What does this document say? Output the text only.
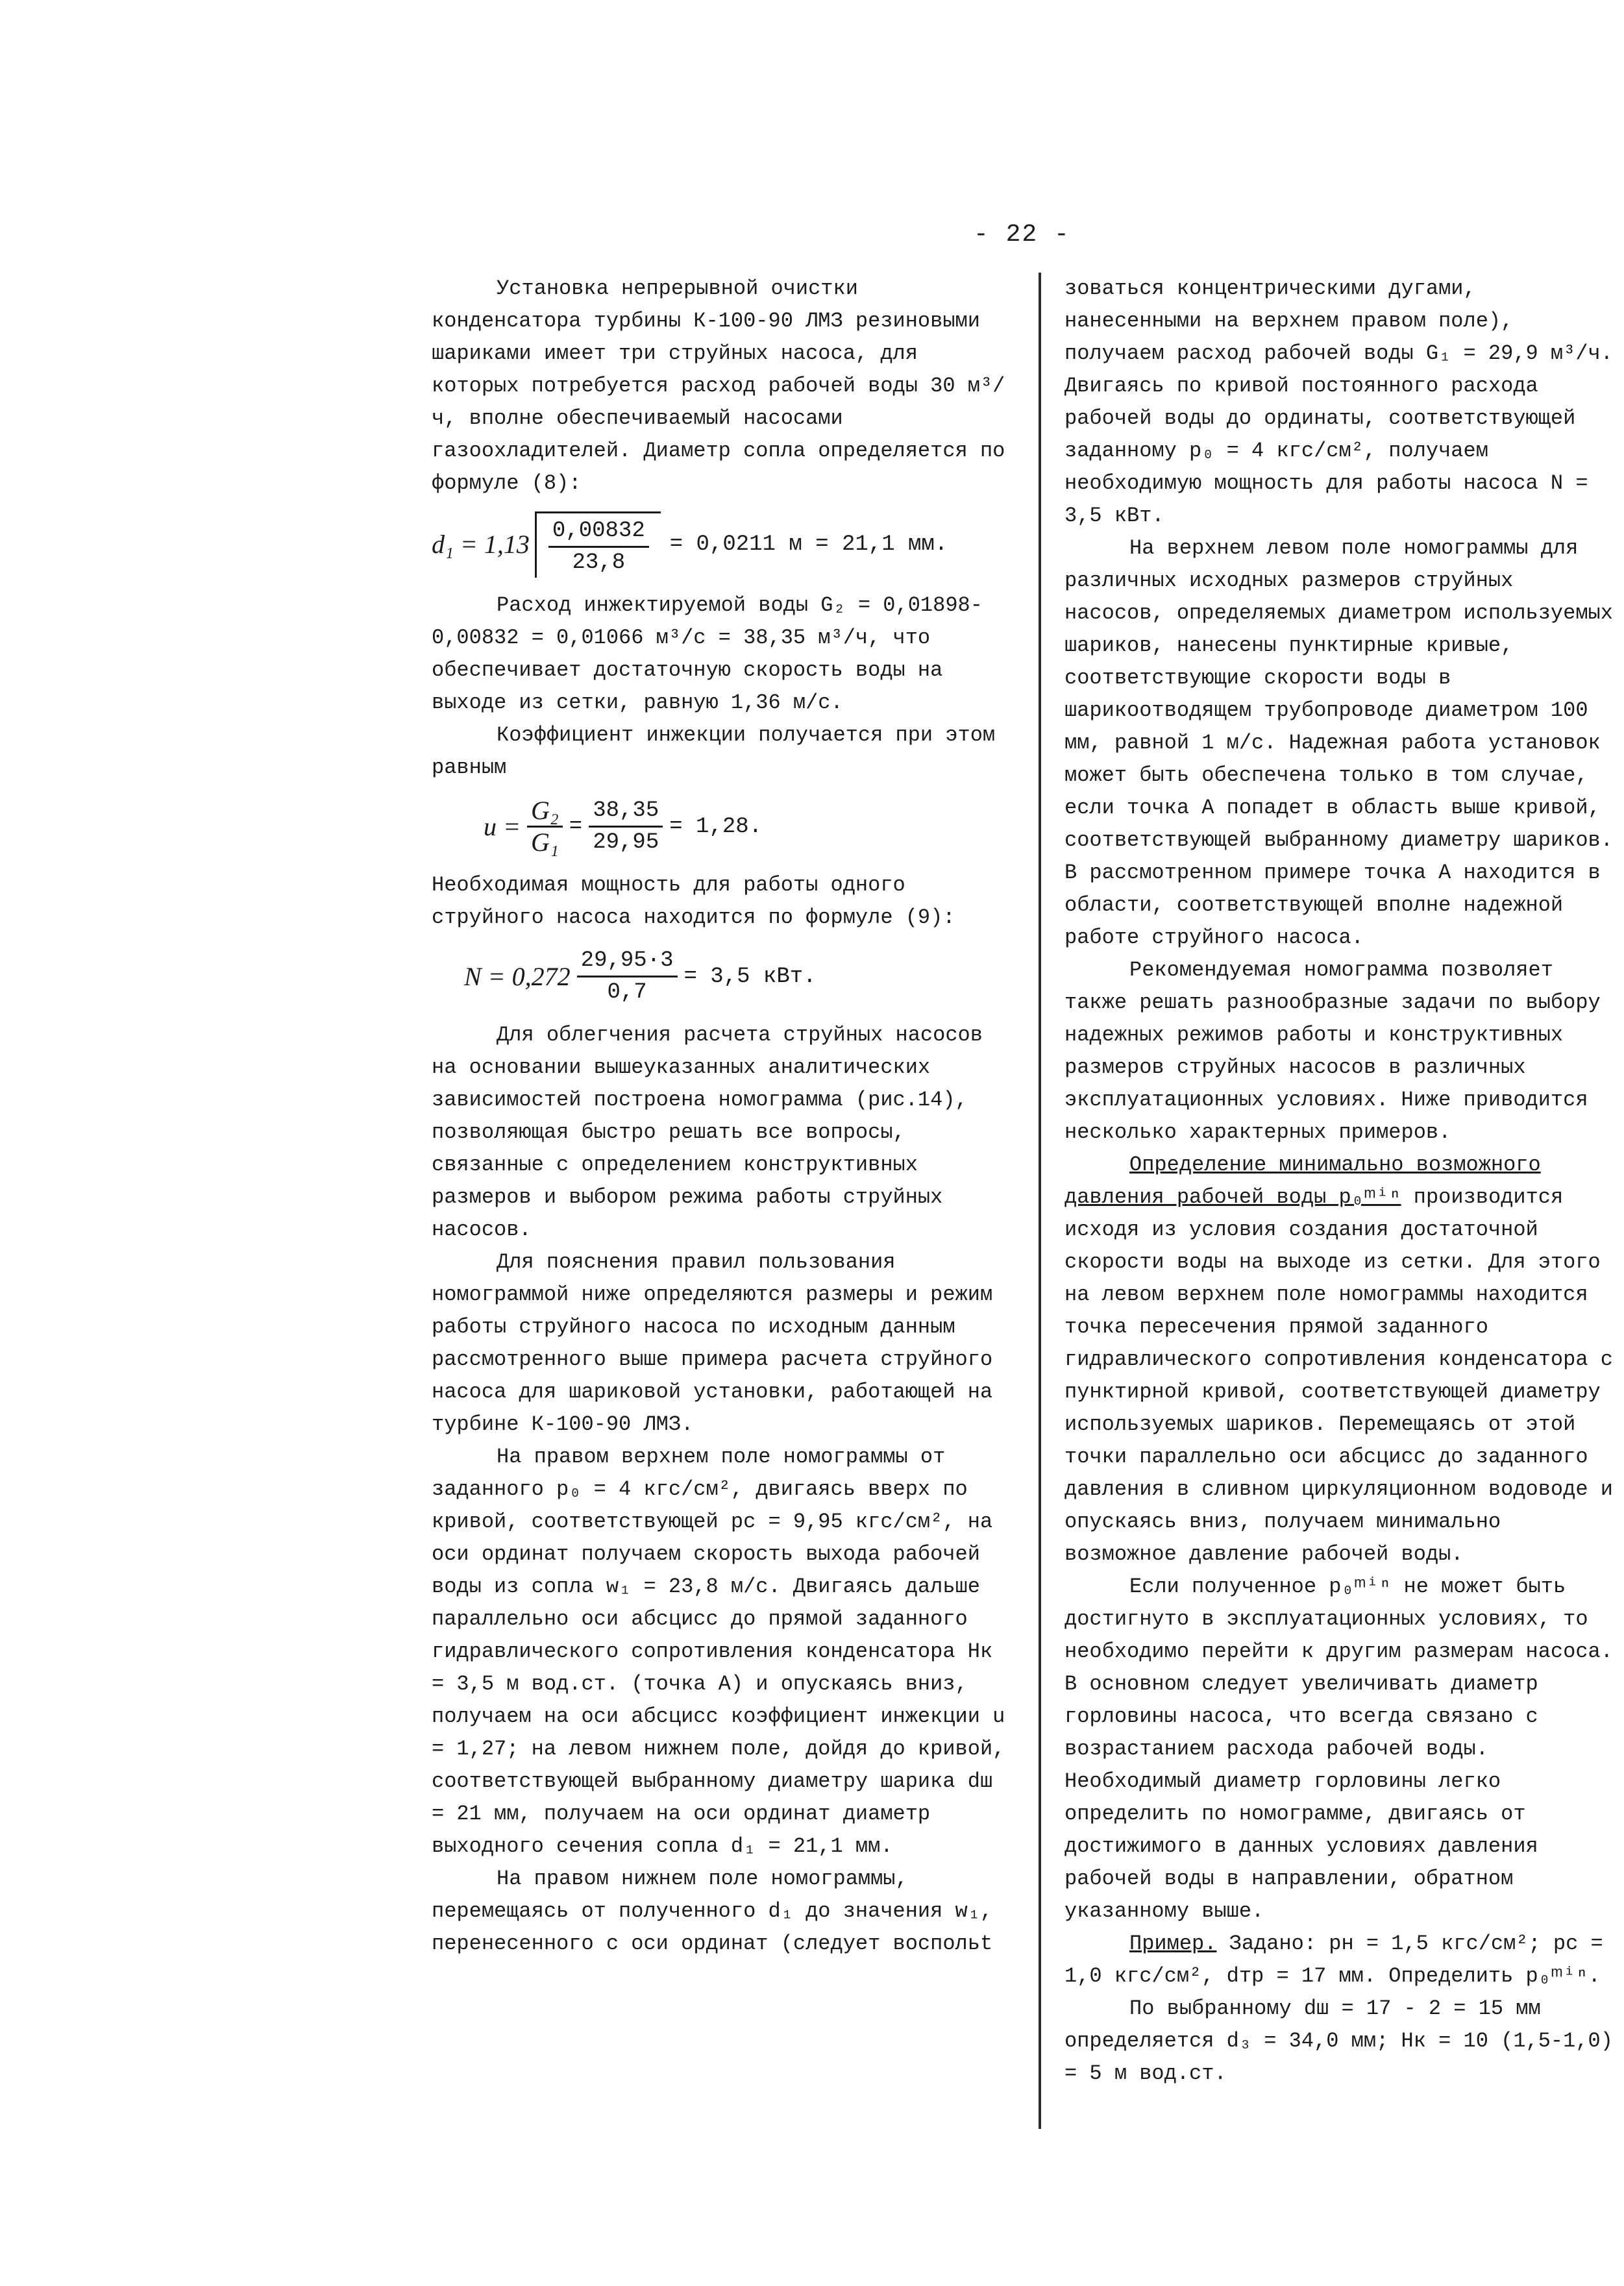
- 22 -

Установка непрерывной очистки конденсатора турбины К-100-90 ЛМЗ резиновыми шариками имеет три струйных насоса, для которых потребуется расход рабочей воды 30 м³/ч, вполне обеспечиваемый насосами газоохладителей. Диаметр сопла определяется по формуле (8):

$d_1 = 1,13 \frac{0,00832}{23,8} = 0,0211$ м = 21,1 мм.

Расход инжектируемой воды G₂ = 0,01898-0,00832 = 0,01066 м³/с = 38,35 м³/ч, что обеспечивает достаточную скорость воды на выходе из сетки, равную 1,36 м/с.

Коэффициент инжекции получается при этом равным

$u = \frac{\text{G₂}}{\text{G₁}} = \frac{38,35}{29,95} = 1,28$.

Необходимая мощность для работы одного струйного насоса находится по формуле (9):

$N = 0,272 \frac{29,95\cdot 3}{0,7} = 3,5$ кВт.

Для облегчения расчета струйных насосов на основании вышеуказанных аналитических зависимостей построена номограмма (рис.14), позволяющая быстро решать все вопросы, связанные с определением конструктивных размеров и выбором режима работы струйных насосов.

Для пояснения правил пользования номограммой ниже определяются размеры и режим работы струйного насоса по исходным данным рассмотренного выше примера расчета струйного насоса для шариковой установки, работающей на турбине К-100-90 ЛМЗ.

На правом верхнем поле номограммы от заданного p₀ = 4 кгс/см², двигаясь вверх по кривой, соответствующей pс = 9,95 кгс/см², на оси ординат получаем скорость выхода рабочей воды из сопла w₁ = 23,8 м/с. Двигаясь дальше параллельно оси абсцисс до прямой заданного гидравлического сопротивления конденсатора Hк = 3,5 м вод.ст. (точка A) и опускаясь вниз, получаем на оси абсцисс коэффициент инжекции u = 1,27; на левом нижнем поле, дойдя до кривой, соответствующей выбранному диаметру шарика dш = 21 мм, получаем на оси ординат диаметр выходного сечения сопла d₁ = 21,1 мм.

На правом нижнем поле номограммы, перемещаясь от полученного d₁ до значения w₁, перенесенного с оси ординат (следует воспольt

зоваться концентрическими дугами, нанесенными на верхнем правом поле), получаем расход рабочей воды G₁ = 29,9 м³/ч. Двигаясь по кривой постоянного расхода рабочей воды до ординаты, соответствующей заданному p₀ = 4 кгс/см², получаем необходимую мощность для работы насоса N = 3,5 кВт.

На верхнем левом поле номограммы для различных исходных размеров струйных насосов, определяемых диаметром используемых шариков, нанесены пунктирные кривые, соответствующие скорости воды в шарикоотводящем трубопроводе диаметром 100 мм, равной 1 м/с. Надежная работа установок может быть обеспечена только в том случае, если точка A попадет в область выше кривой, соответствующей выбранному диаметру шариков. В рассмотренном примере точка A находится в области, соответствующей вполне надежной работе струйного насоса.

Рекомендуемая номограмма позволяет также решать разнообразные задачи по выбору надежных режимов работы и конструктивных размеров струйных насосов в различных эксплуатационных условиях. Ниже приводится несколько характерных примеров.

Определение минимально возможного давления рабочей воды p₀ᵐⁱⁿ производится исходя из условия создания достаточной скорости воды на выходе из сетки. Для этого на левом верхнем поле номограммы находится точка пересечения прямой заданного гидравлического сопротивления конденсатора с пунктирной кривой, соответствующей диаметру используемых шариков. Перемещаясь от этой точки параллельно оси абсцисс до заданного давления в сливном циркуляционном водоводе и опускаясь вниз, получаем минимально возможное давление рабочей воды.

Если полученное p₀ᵐⁱⁿ не может быть достигнуто в эксплуатационных условиях, то необходимо перейти к другим размерам насоса. В основном следует увеличивать диаметр горловины насоса, что всегда связано с возрастанием расхода рабочей воды. Необходимый диаметр горловины легко определить по номограмме, двигаясь от достижимого в данных условиях давления рабочей воды в направлении, обратном указанному выше.

Пример. Задано: pн = 1,5 кгс/см²; pс = 1,0 кгс/см², dтр = 17 мм. Определить p₀ᵐⁱⁿ.

По выбранному dш = 17 - 2 = 15 мм определяется d₃ = 34,0 мм; Hк = 10 (1,5-1,0) = 5 м вод.ст.
